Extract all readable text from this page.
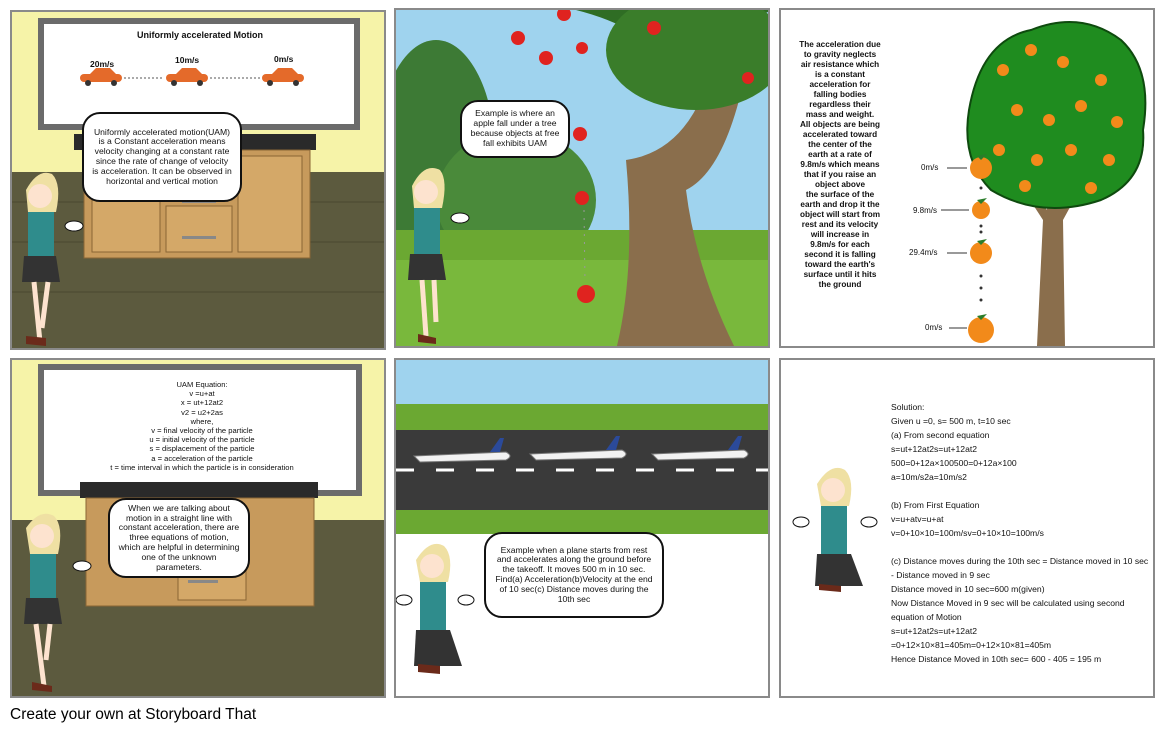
Uniformly accelerated Motion
20m/s	10m/s	0m/s
Uniformly accelerated motion(UAM) is a Constant acceleration means velocity changing at a constant rate since the rate of change of velocity is acceleration. It can be observed in horizontal and vertical motion
Example is where an apple fall under a tree because objects at free fall exhibits UAM
The acceleration due
to gravity neglects
air resistance which
is a constant
acceleration for
falling bodies
regardless their
mass and weight.
All objects are being
accelerated toward
the center of the
earth at a rate of
9.8m/s which means
that if you raise an
object above
the surface of the
earth and drop it the
object will start from
rest and its velocity
will increase in
9.8m/s for each
second it is falling
toward the earth's
surface until it hits
the ground
0m/s
9.8m/s
29.4m/s
0m/s
UAM Equation:
v =u+at
x = ut+12at2
v2 = u2+2as
where,
v = final velocity of the particle
u = initial velocity of the particle
s = displacement of the particle
a = acceleration of the particle
t = time interval in which the particle is in consideration
When we are talking about motion in a straight line with constant acceleration, there are three equations of motion, which are helpful in determining one of the unknown parameters.
Example when a plane starts from rest and accelerates along the ground before the takeoff. It moves 500 m in 10 sec. Find(a) Acceleration(b)Velocity at the end of 10 sec(c) Distance moves during the 10th sec
Solution:
Given u =0, s= 500 m, t=10 sec
(a) From second equation
s=ut+12at2s=ut+12at2
500=0+12a×100500=0+12a×100
a=10m/s2a=10m/s2
(b) From First Equation
v=u+atv=u+at
v=0+10×10=100m/sv=0+10×10=100m/s
(c) Distance moves during the 10th sec = Distance moved in 10 sec - Distance moved in 9 sec
Distance moved in 10 sec=600 m(given)
Now Distance Moved in 9 sec will be calculated using second equation of Motion
s=ut+12at2s=ut+12at2
=0+12×10×81=405m=0+12×10×81=405m
Hence Distance Moved in 10th sec= 600 - 405 = 195 m
Create your own at Storyboard That
